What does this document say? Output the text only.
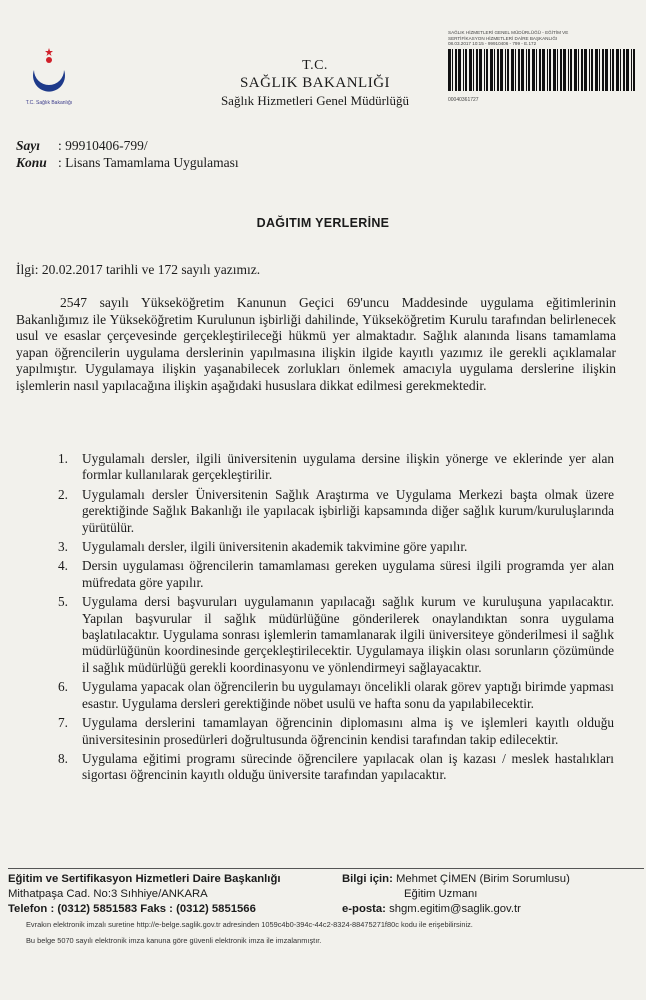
T.C. Sağlık Bakanlığı
T.C.
SAĞLIK BAKANLIĞI
Sağlık Hizmetleri Genel Müdürlüğü
SAĞLIK HİZMETLERİ GENEL MÜDÜRLÜĞÜ - EĞİTİM VE
SERTİFİKASYON HİZMETLERİ DAİRE BAŞKANLIĞI
08.03.2017 10:15 - 99910406 - 799 - E.172
00040361727
Sayı : 99910406-799/
Konu : Lisans Tamamlama Uygulaması
DAĞITIM YERLERİNE
İlgi: 20.02.2017 tarihli ve 172 sayılı yazımız.

2547 sayılı Yükseköğretim Kanunun Geçici 69'uncu Maddesinde uygulama eğitimlerinin Bakanlığımız ile Yükseköğretim Kurulunun işbirliği dahilinde, Yükseköğretim Kurulu tarafından belirlenecek usul ve esaslar çerçevesinde gerçekleştirileceği hükmü yer almaktadır. Sağlık alanında lisans tamamlama yapan öğrencilerin uygulama derslerinin yapılmasına ilişkin ilgide kayıtlı yazımız ile gerekli açıklamalar yapılmıştır. Uygulamaya ilişkin yaşanabilecek zorlukları önlemek amacıyla uygulama derslerine ilişkin işlemlerin nasıl yapılacağına ilişkin aşağıdaki hususlara dikkat edilmesi gerekmektedir.

1. Uygulamalı dersler, ilgili üniversitenin uygulama dersine ilişkin yönerge ve eklerinde yer alan formlar kullanılarak gerçekleştirilir.
2. Uygulamalı dersler Üniversitenin Sağlık Araştırma ve Uygulama Merkezi başta olmak üzere gerektiğinde Sağlık Bakanlığı ile yapılacak işbirliği kapsamında diğer sağlık kurum/kuruluşlarında yürütülür.
3. Uygulamalı dersler, ilgili üniversitenin akademik takvimine göre yapılır.
4. Dersin uygulaması öğrencilerin tamamlaması gereken uygulama süresi ilgili programda yer alan müfredata göre yapılır.
5. Uygulama dersi başvuruları uygulamanın yapılacağı sağlık kurum ve kuruluşuna yapılacaktır. Yapılan başvurular il sağlık müdürlüğüne gönderilerek onaylandıktan sonra uygulama başlatılacaktır. Uygulama sonrası işlemlerin tamamlanarak ilgili üniversiteye gönderilmesi il sağlık müdürlüğünün koordinesinde gerçekleştirilecektir. Uygulamaya ilişkin olası sorunların çözümünde il sağlık müdürlüğü gerekli koordinasyonu ve yönlendirmeyi sağlayacaktır.
6. Uygulama yapacak olan öğrencilerin bu uygulamayı öncelikli olarak görev yaptığı birimde yapması esastır. Uygulama dersleri gerektiğinde nöbet usulü ve hafta sonu da yapılabilecektir.
7. Uygulama derslerini tamamlayan öğrencinin diplomasını alma iş ve işlemleri kayıtlı olduğu üniversitesinin prosedürleri doğrultusunda öğrencinin kendisi tarafından takip edilecektir.
8. Uygulama eğitimi programı sürecinde öğrencilere yapılacak olan iş kazası / meslek hastalıkları sigortası öğrencinin kayıtlı olduğu üniversite tarafından yapılacaktır.
Eğitim ve Sertifikasyon Hizmetleri Daire Başkanlığı
Mithatpaşa Cad. No:3 Sıhhiye/ANKARA
Telefon : (0312) 5851583 Faks : (0312) 5851566
Bilgi için: Mehmet ÇİMEN (Birim Sorumlusu)
Eğitim Uzmanı
e-posta: shgm.egitim@saglik.gov.tr
Evrakın elektronik imzalı suretine http://e-belge.saglik.gov.tr adresinden 1059c4b0-394c-44c2-8324-88475271f80c kodu ile erişebilirsiniz.
Bu belge 5070 sayılı elektronik imza kanuna göre güvenli elektronik imza ile imzalanmıştır.
